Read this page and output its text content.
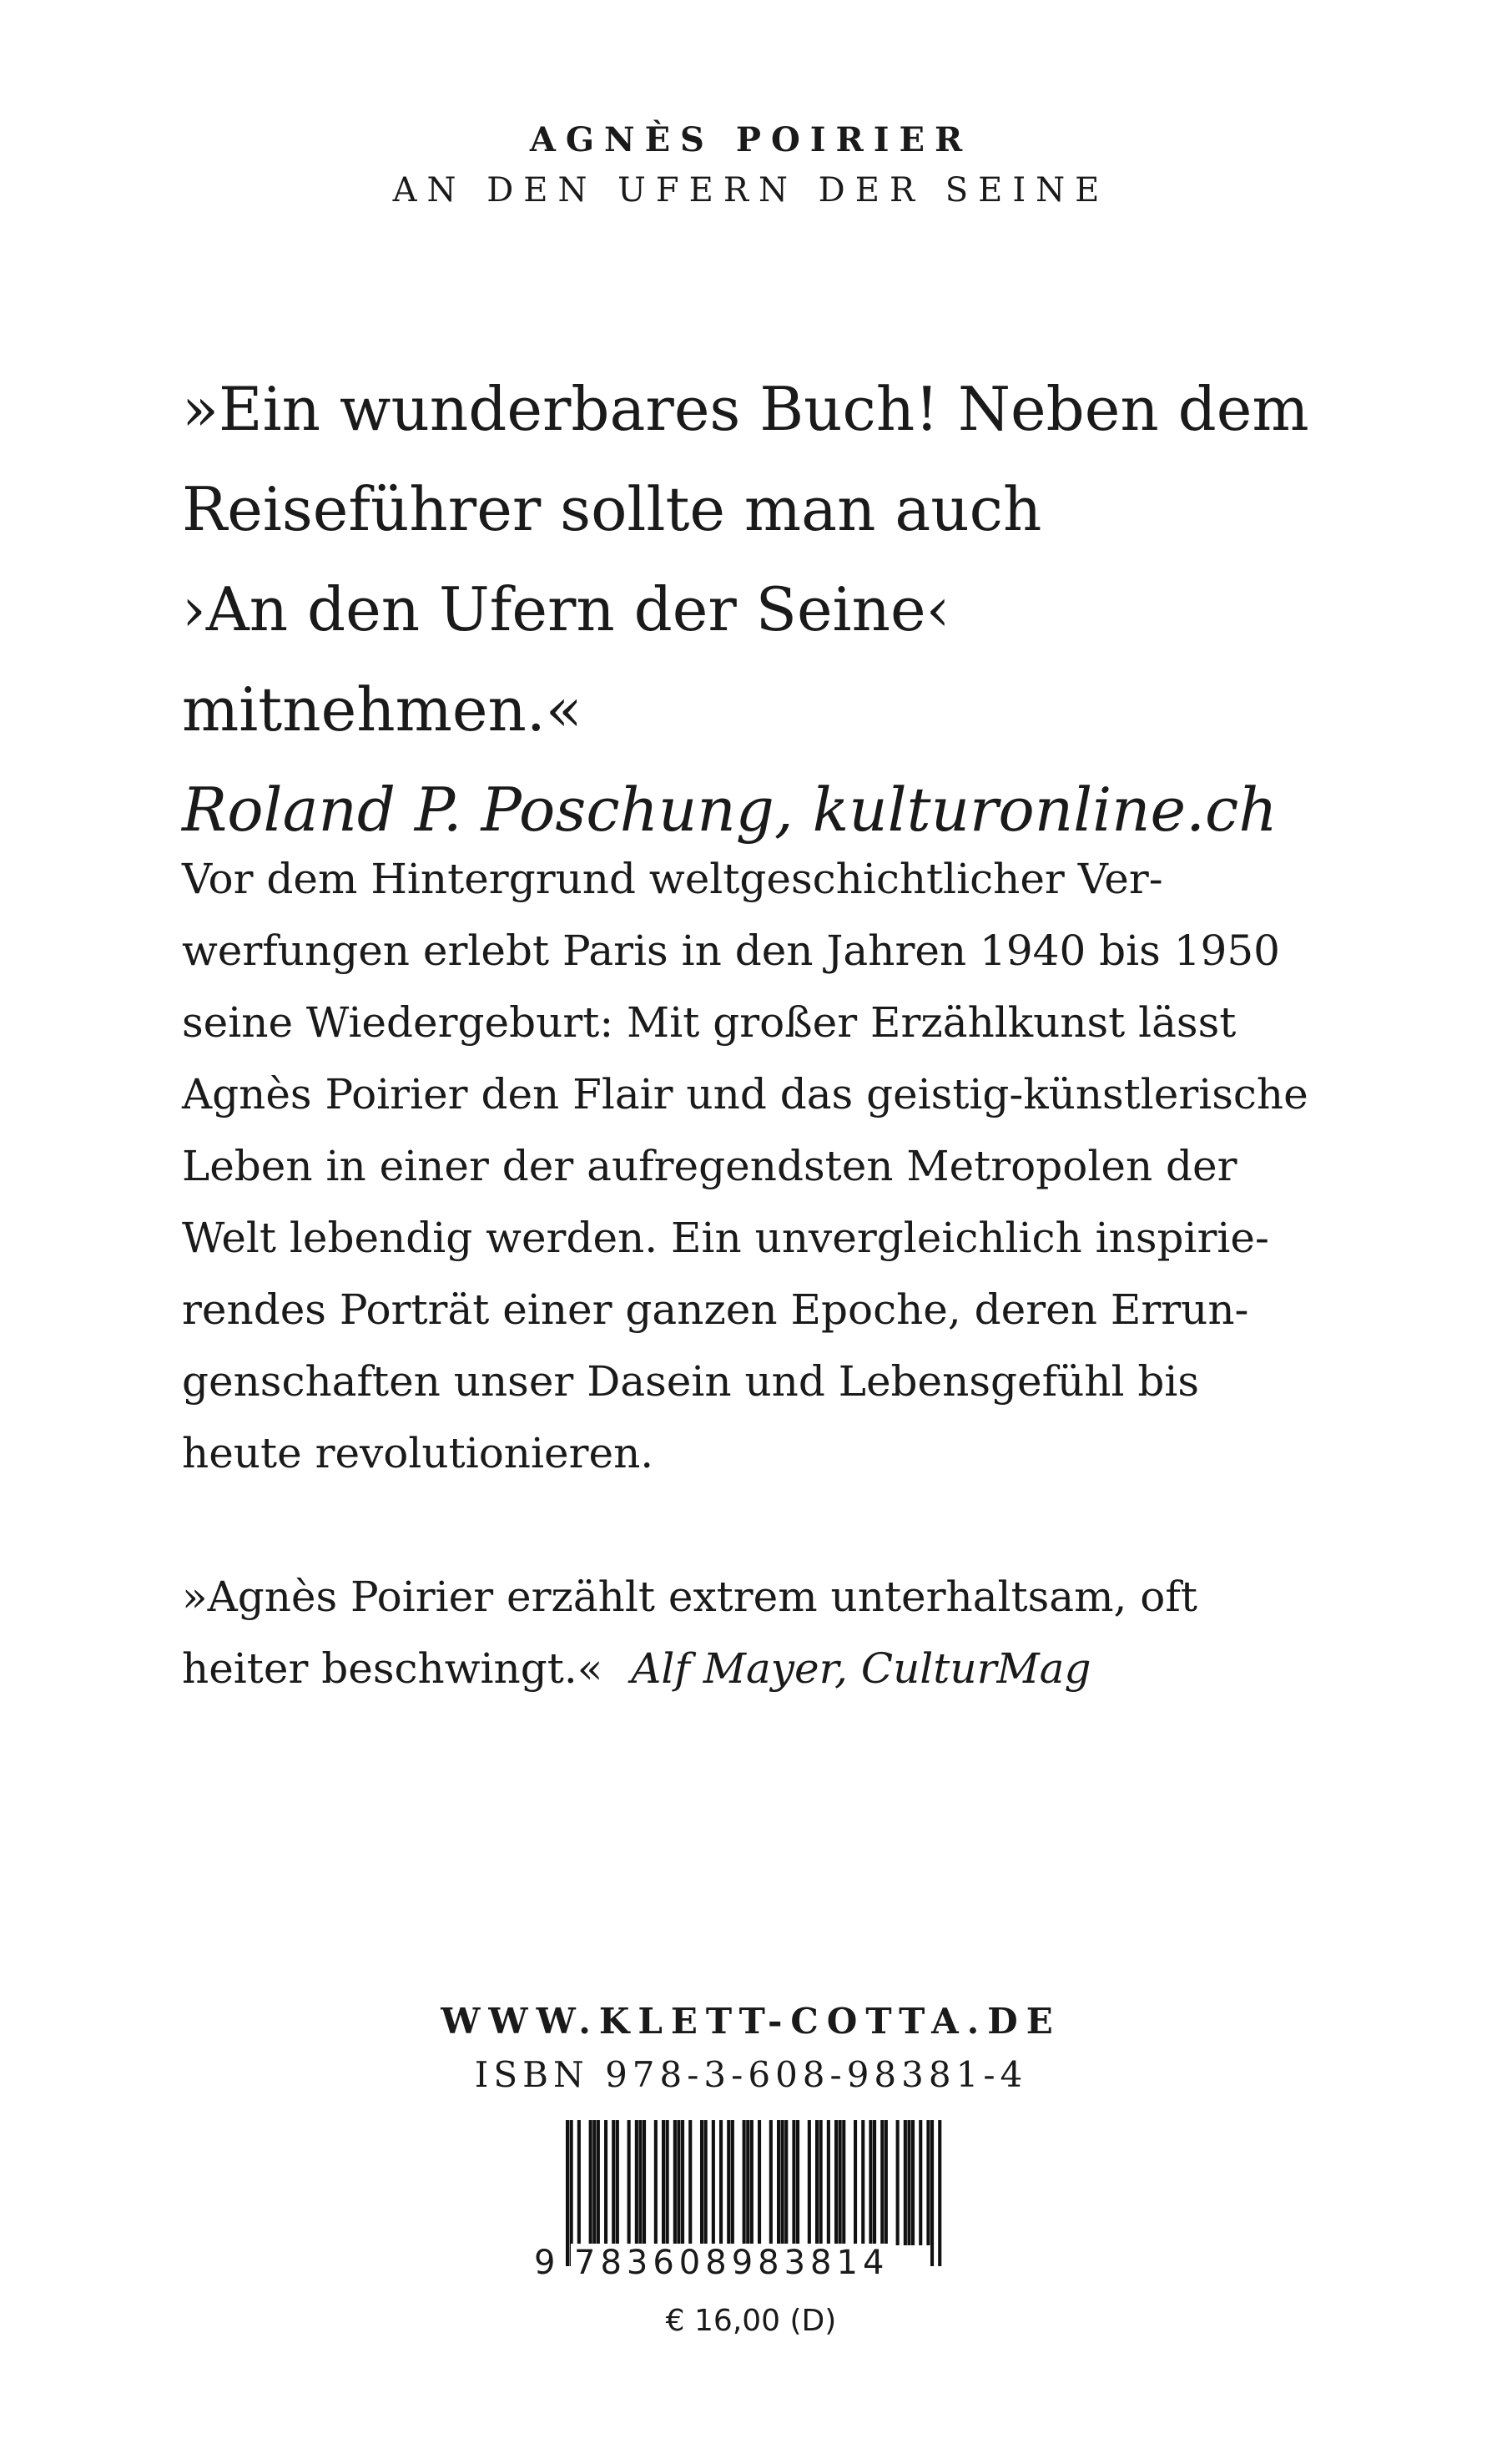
AGNÈS POIRIER

AN DEN UFERN DER SEINE

»Ein wunderbares Buch! Neben dem

Reiseführer sollte man auch

›An den Ufern der Seine‹ mitnehmen.«

Roland P. Poschung, kulturonline.ch

Vor dem Hintergrund weltgeschichtlicher Ver-
werfungen erlebt Paris in den Jahren 1940 bis 1950
seine Wiedergeburt: Mit großer Erzählkunst lässt
Agnès Poirier den Flair und das geistig-künstlerische
Leben in einer der aufregendsten Metropolen der
Welt lebendig werden. Ein unvergleichlich inspirie-
rendes Porträt einer ganzen Epoche, deren Errun-
genschaften unser Dasein und Lebensgefühl bis
heute revolutionieren.
»Agnès Poirier erzählt extrem unterhaltsam, oft
heiter beschwingt.« Alf Mayer, CulturMag

WWW.KLETT-COTTA.DE

ISBN 978-3-608-98381-4

9 783608983814
€ 16,00 (D)
